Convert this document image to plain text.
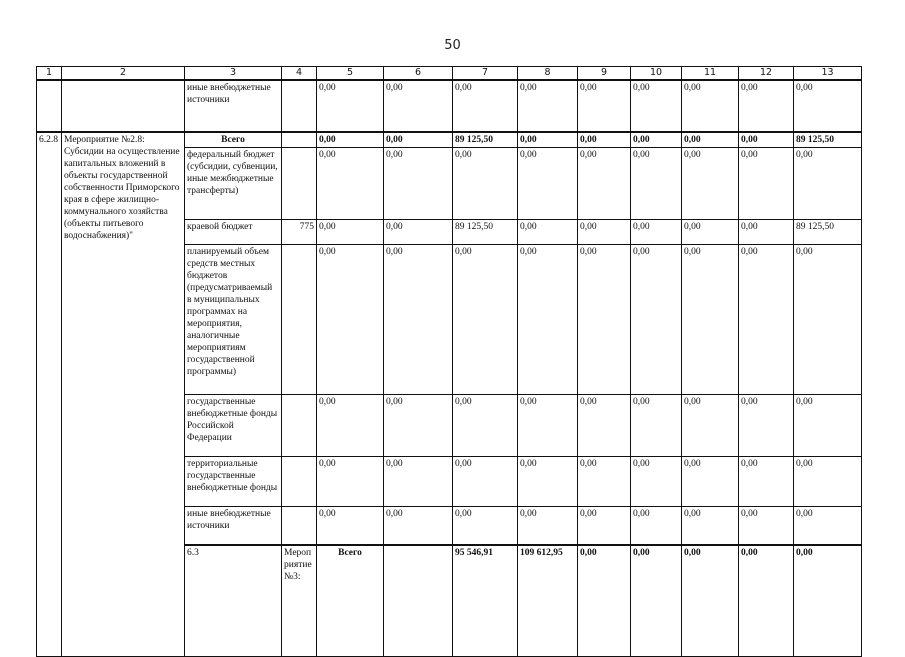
50
1	2	3	4	5	6	7	8	9	10	11	12	13	
		иные внебюджетные источники		0,00	0,00	0,00	0,00	0,00	0,00	0,00	0,00	0,00	
6.2.8	Мероприятие №2.8: Субсидии на осуществление капитальных вложений в объекты государственной собственности Приморского края в сфере жилищно-коммунального хозяйства (объекты питьевого водоснабжения)"	Всего		0,00	0,00	89 125,50	0,00	0,00	0,00	0,00	0,00	89 125,50	
		федеральный бюджет (субсидии, субвенции, иные межбюджетные трансферты)		0,00	0,00	0,00	0,00	0,00	0,00	0,00	0,00	0,00	
		краевой бюджет	775	0,00	0,00	89 125,50	0,00	0,00	0,00	0,00	0,00	89 125,50	
		планируемый объем средств местных бюджетов (предусматриваемый в муниципальных программах на мероприятия, аналогичные мероприятиям государственной программы)		0,00	0,00	0,00	0,00	0,00	0,00	0,00	0,00	0,00	
		государственные внебюджетные фонды Российской Федерации		0,00	0,00	0,00	0,00	0,00	0,00	0,00	0,00	0,00	
		территориальные государственные внебюджетные фонды		0,00	0,00	0,00	0,00	0,00	0,00	0,00	0,00	0,00	
		иные внебюджетные источники		0,00	0,00	0,00	0,00	0,00	0,00	0,00	0,00	0,00	
		6.3	Мероприятие №3:	Всего		95 546,91	109 612,95	0,00	0,00	0,00	0,00	0,00		
